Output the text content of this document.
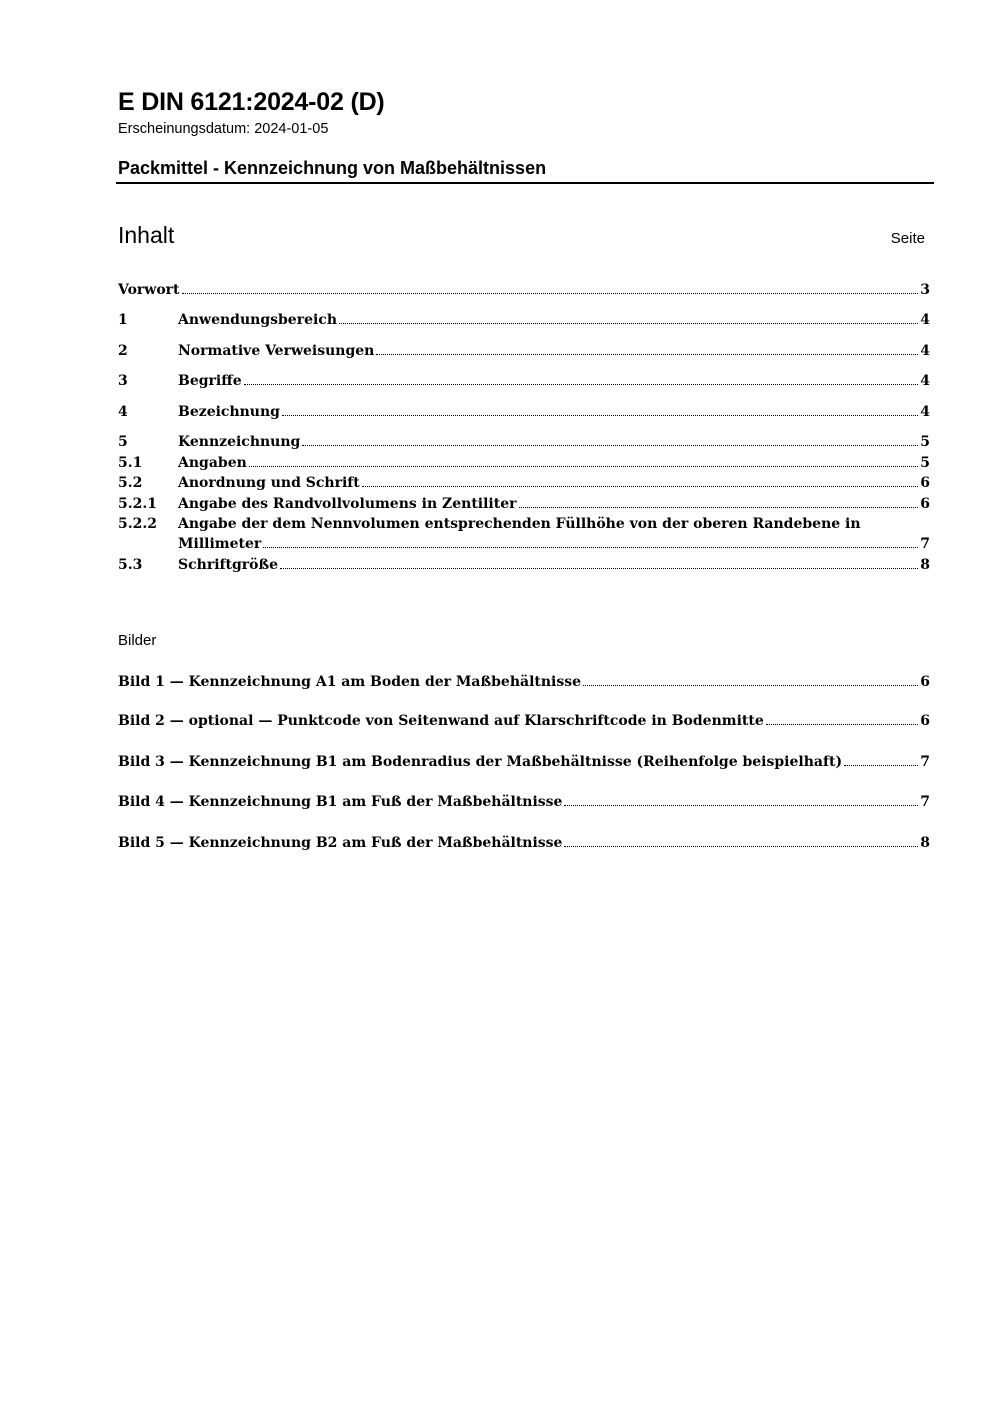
E DIN 6121:2024-02 (D)
Erscheinungsdatum: 2024-01-05
Packmittel - Kennzeichnung von Maßbehältnissen
Inhalt	Seite
Vorwort	3
1	Anwendungsbereich	4
2	Normative Verweisungen	4
3	Begriffe	4
4	Bezeichnung	4
5	Kennzeichnung	5
5.1	Angaben	5
5.2	Anordnung und Schrift	6
5.2.1	Angabe des Randvollvolumens in Zentiliter	6
5.2.2	Angabe der dem Nennvolumen entsprechenden Füllhöhe von der oberen Randebene in
Millimeter	7
5.3	Schriftgröße	8
Bilder
Bild 1 — Kennzeichnung A1 am Boden der Maßbehältnisse	6
Bild 2 — optional — Punktcode von Seitenwand auf Klarschriftcode in Bodenmitte	6
Bild 3 — Kennzeichnung B1 am Bodenradius der Maßbehältnisse (Reihenfolge beispielhaft)	7
Bild 4 — Kennzeichnung B1 am Fuß der Maßbehältnisse	7
Bild 5 — Kennzeichnung B2 am Fuß der Maßbehältnisse	8
